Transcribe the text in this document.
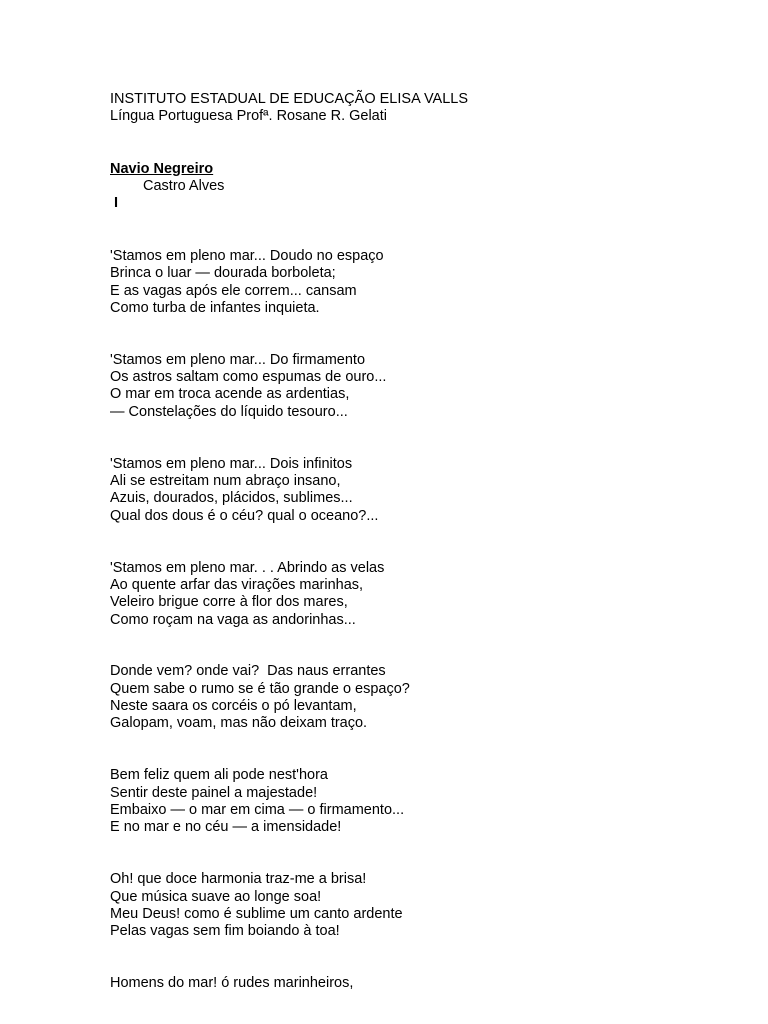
INSTITUTO ESTADUAL DE EDUCAÇÃO ELISA VALLS
Língua Portuguesa Profª. Rosane R. Gelati
Navio Negreiro
Castro Alves
I
'Stamos em pleno mar... Doudo no espaço
Brinca o luar — dourada borboleta;
E as vagas após ele correm... cansam
Como turba de infantes inquieta.
'Stamos em pleno mar... Do firmamento
Os astros saltam como espumas de ouro...
O mar em troca acende as ardentias,
— Constelações do líquido tesouro...
'Stamos em pleno mar... Dois infinitos
Ali se estreitam num abraço insano,
Azuis, dourados, plácidos, sublimes...
Qual dos dous é o céu? qual o oceano?...
'Stamos em pleno mar. . . Abrindo as velas
Ao quente arfar das virações marinhas,
Veleiro brigue corre à flor dos mares,
Como roçam na vaga as andorinhas...
Donde vem? onde vai?  Das naus errantes
Quem sabe o rumo se é tão grande o espaço?
Neste saara os corcéis o pó levantam,
Galopam, voam, mas não deixam traço.
Bem feliz quem ali pode nest'hora
Sentir deste painel a majestade!
Embaixo — o mar em cima — o firmamento...
E no mar e no céu — a imensidade!
Oh! que doce harmonia traz-me a brisa!
Que música suave ao longe soa!
Meu Deus! como é sublime um canto ardente
Pelas vagas sem fim boiando à toa!
Homens do mar! ó rudes marinheiros,
